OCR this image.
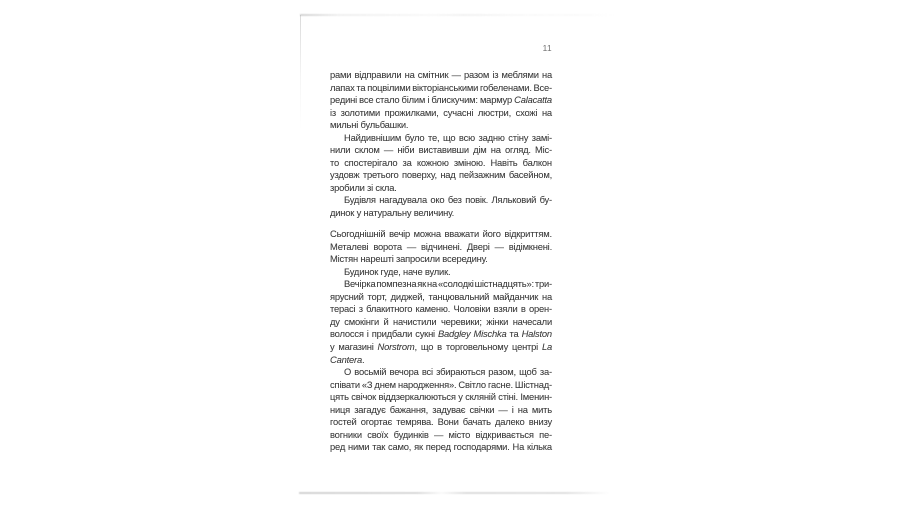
11
рами відправили на смітник — разом із меблями на
лапах та поцвілими вікторіанськими гобеленами. Все-
редині все стало білим і блискучим: мармур Calacatta
із золотими прожилками, сучасні люстри, схожі на
мильні бульбашки.
Найдивнішим було те, що всю задню стіну замі-
нили склом — ніби виставивши дім на огляд. Міс-
то спостерігало за кожною зміною. Навіть балкон
уздовж третього поверху, над пейзажним басейном,
зробили зі скла.
Будівля нагадувала око без повік. Ляльковий бу-
динок у натуральну величину.
Сьогоднішній вечір можна вважати його відкриттям.
Металеві ворота — відчинені. Двері — відімкнені.
Містян нарешті запросили всередину.
Будинок гуде, наче вулик.
Вечірка помпезна як на «солодкі шістнадцять»: три-
ярусний торт, диджей, танцювальний майданчик на
терасі з блакитного каменю. Чоловіки взяли в орен-
ду смокінги й начистили черевики; жінки начесали
волосся і придбали сукні Badgley Mischka та Halston
у магазині Norstrom, що в торговельному центрі La
Cantera.
О восьмій вечора всі збираються разом, щоб за-
співати «З днем народження». Світло гасне. Шістнад-
цять свічок віддзеркалюються у скляній стіні. Іменин-
ниця загадує бажання, задуває свічки — і на мить
гостей огортає темрява. Вони бачать далеко внизу
вогники своїх будинків — місто відкривається пе-
ред ними так само, як перед господарями. На кілька
